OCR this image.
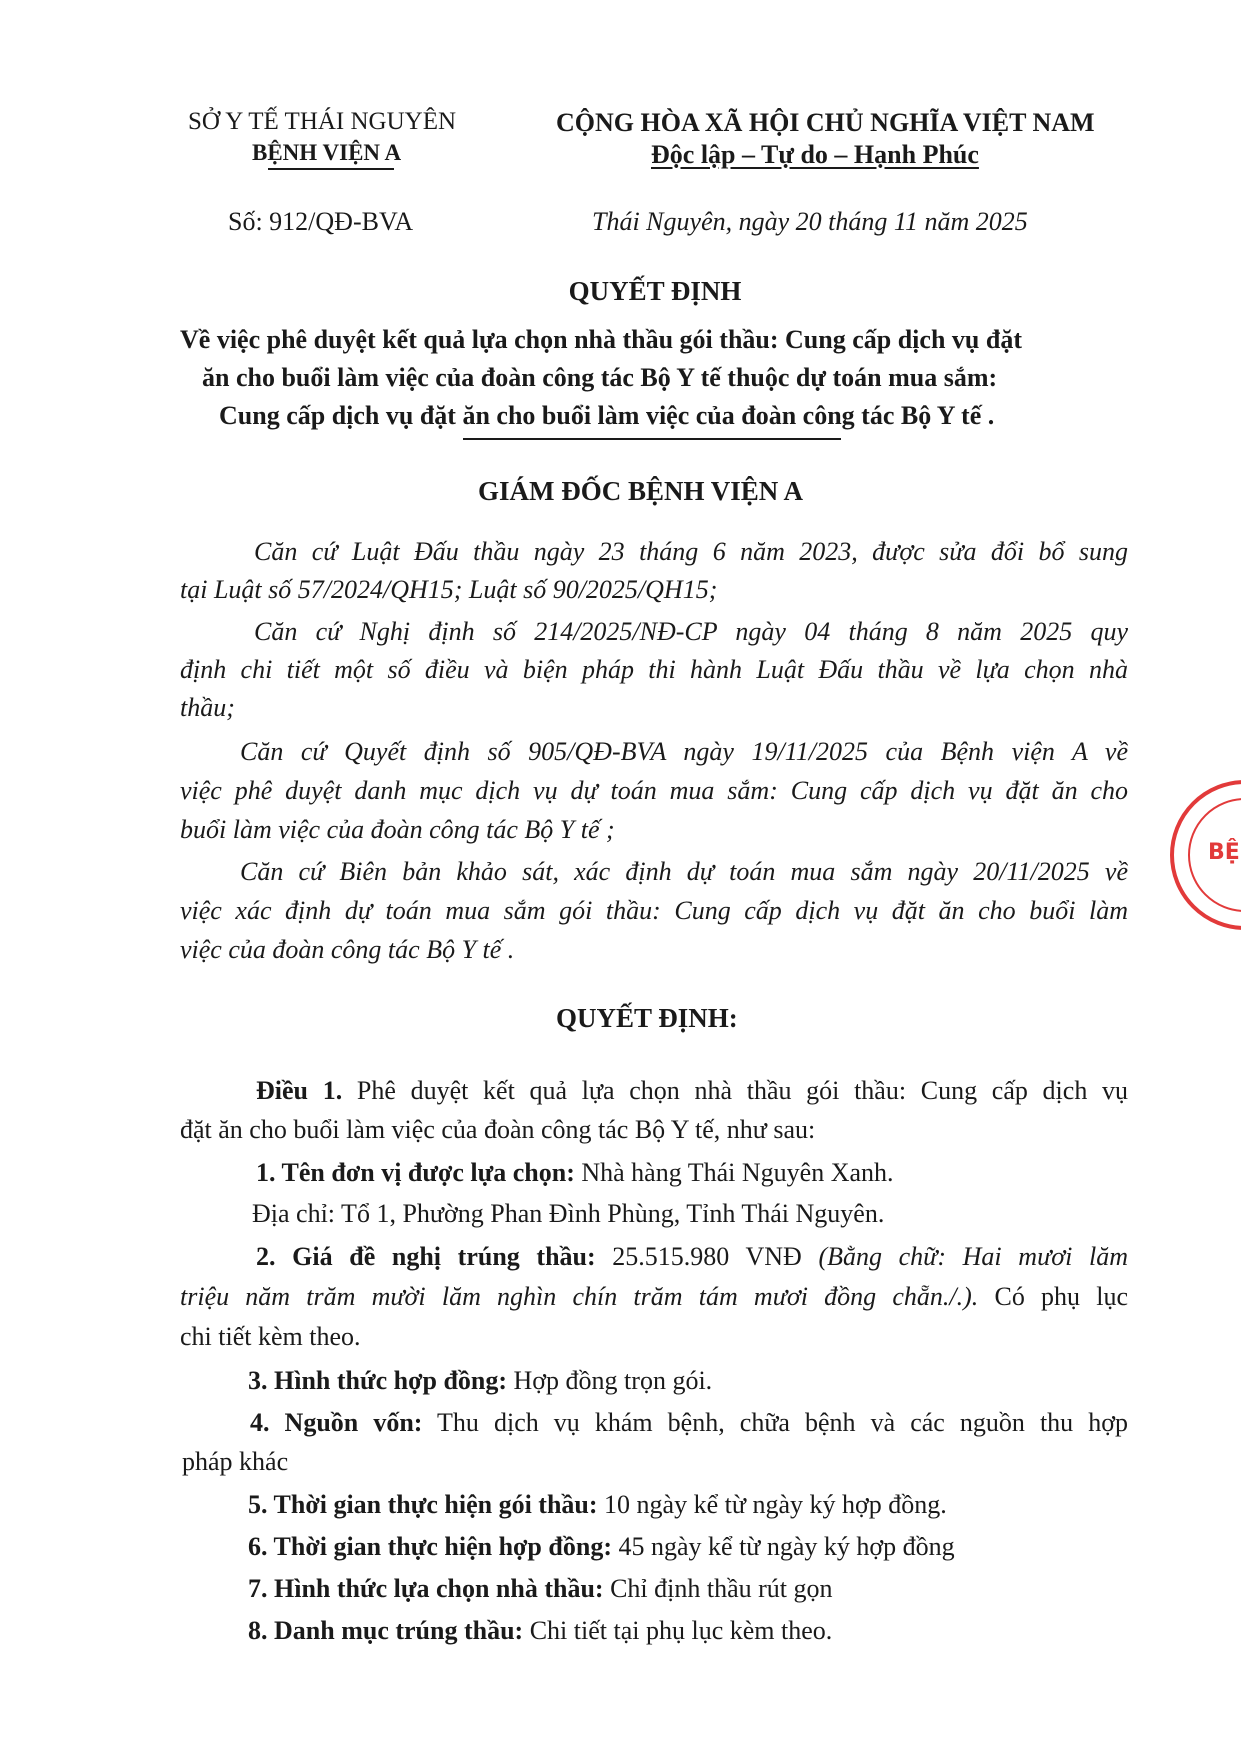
SỞ Y TẾ THÁI NGUYÊN
BỆNH VIỆN A
Số: 912/QĐ-BVA
CỘNG HÒA XÃ HỘI CHỦ NGHĨA VIỆT NAM
Độc lập – Tự do – Hạnh Phúc
Thái Nguyên, ngày 20 tháng 11 năm 2025
QUYẾT ĐỊNH
Về việc phê duyệt kết quả lựa chọn nhà thầu gói thầu: Cung cấp dịch vụ đặt
ăn cho buổi làm việc của đoàn công tác Bộ Y tế thuộc dự toán mua sắm:
Cung cấp dịch vụ đặt ăn cho buổi làm việc của đoàn công tác Bộ Y tế .
GIÁM ĐỐC BỆNH VIỆN A
Căn cứ Luật Đấu thầu ngày 23 tháng 6 năm 2023, được sửa đổi bổ sung
tại Luật số 57/2024/QH15; Luật số 90/2025/QH15;
Căn cứ Nghị định số 214/2025/NĐ-CP ngày 04 tháng 8 năm 2025 quy
định chi tiết một số điều và biện pháp thi hành Luật Đấu thầu về lựa chọn nhà
thầu;
Căn cứ Quyết định số 905/QĐ-BVA ngày 19/11/2025 của Bệnh viện A về
việc phê duyệt danh mục dịch vụ dự toán mua sắm: Cung cấp dịch vụ đặt ăn cho
buổi làm việc của đoàn công tác Bộ Y tế ;
Căn cứ Biên bản khảo sát, xác định dự toán mua sắm ngày 20/11/2025 về
việc xác định dự toán mua sắm gói thầu: Cung cấp dịch vụ đặt ăn cho buổi làm
việc của đoàn công tác Bộ Y tế .
QUYẾT ĐỊNH:
Điều 1. Phê duyệt kết quả lựa chọn nhà thầu gói thầu: Cung cấp dịch vụ
đặt ăn cho buổi làm việc của đoàn công tác Bộ Y tế, như sau:
1. Tên đơn vị được lựa chọn: Nhà hàng Thái Nguyên Xanh.
Địa chỉ: Tổ 1, Phường Phan Đình Phùng, Tỉnh Thái Nguyên.
2. Giá đề nghị trúng thầu: 25.515.980 VNĐ (Bằng chữ: Hai mươi lăm
triệu năm trăm mười lăm nghìn chín trăm tám mươi đồng chẵn./.). Có phụ lục
chi tiết kèm theo.
3. Hình thức hợp đồng: Hợp đồng trọn gói.
4. Nguồn vốn: Thu dịch vụ khám bệnh, chữa bệnh và các nguồn thu hợp
pháp khác
5. Thời gian thực hiện gói thầu: 10 ngày kể từ ngày ký hợp đồng.
6. Thời gian thực hiện hợp đồng: 45 ngày kể từ ngày ký hợp đồng
7. Hình thức lựa chọn nhà thầu: Chỉ định thầu rút gọn
8. Danh mục trúng thầu: Chi tiết tại phụ lục kèm theo.
BỆ
